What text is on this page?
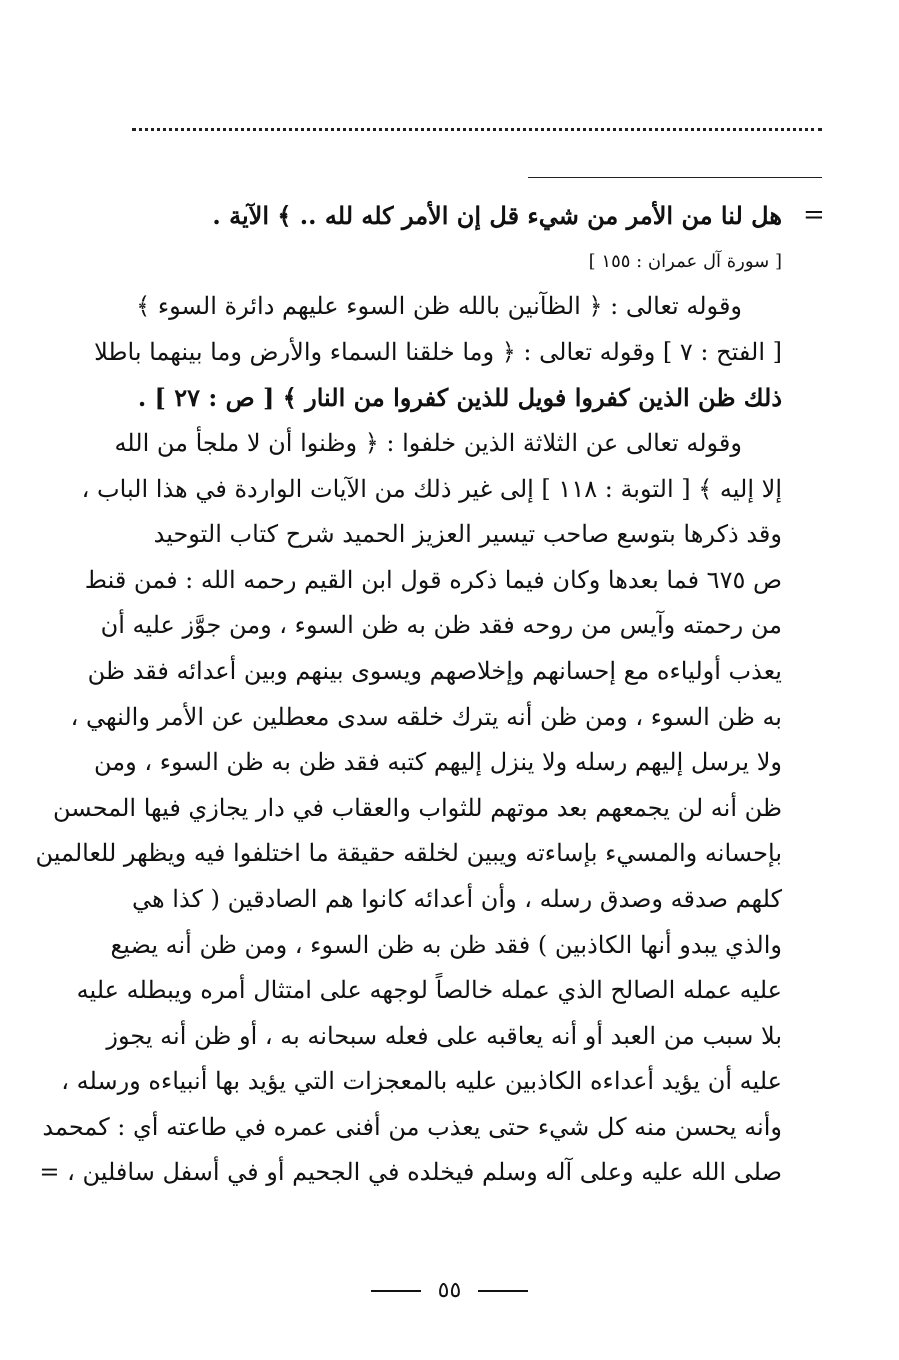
=
هل لنا من الأمر من شيء قل إن الأمر كله لله .. ﴾ الآية .
[ سورة آل عمران : ١٥٥ ]
وقوله تعالى : ﴿ الظآنين بالله ظن السوء عليهم دائرة السوء ﴾
[ الفتح : ٧ ] وقوله تعالى : ﴿ وما خلقنا السماء والأرض وما بينهما باطلا
ذلك ظن الذين كفروا فويل للذين كفروا من النار ﴾ [ ص : ٢٧ ] .
وقوله تعالى عن الثلاثة الذين خلفوا : ﴿ وظنوا أن لا ملجأ من الله
إلا إليه ﴾ [ التوبة : ١١٨ ] إلى غير ذلك من الآيات الواردة في هذا الباب ،
وقد ذكرها بتوسع صاحب تيسير العزيز الحميد شرح كتاب التوحيد
ص ٦٧٥ فما بعدها وكان فيما ذكره قول ابن القيم رحمه الله : فمن قنط
من رحمته وآيس من روحه فقد ظن به ظن السوء ، ومن جوَّز عليه أن
يعذب أولياءه مع إحسانهم وإخلاصهم ويسوى بينهم وبين أعدائه فقد ظن
به ظن السوء ، ومن ظن أنه يترك خلقه سدى معطلين عن الأمر والنهي ،
ولا يرسل إليهم رسله ولا ينزل إليهم كتبه فقد ظن به ظن السوء ، ومن
ظن أنه لن يجمعهم بعد موتهم للثواب والعقاب في دار يجازي فيها المحسن
بإحسانه والمسيء بإساءته ويبين لخلقه حقيقة ما اختلفوا فيه ويظهر للعالمين
كلهم صدقه وصدق رسله ، وأن أعدائه كانوا هم الصادقين ( كذا هي
والذي يبدو أنها الكاذبين ) فقد ظن به ظن السوء ، ومن ظن أنه يضيع
عليه عمله الصالح الذي عمله خالصاً لوجهه على امتثال أمره ويبطله عليه
بلا سبب من العبد أو أنه يعاقبه على فعله سبحانه به ، أو ظن أنه يجوز
عليه أن يؤيد أعداءه الكاذبين عليه بالمعجزات التي يؤيد بها أنبياءه ورسله ،
وأنه يحسن منه كل شيء حتى يعذب من أفنى عمره في طاعته أي : كمحمد
صلى الله عليه وعلى آله وسلم فيخلده في الجحيم أو في أسفل سافلين ، =
٥٥
